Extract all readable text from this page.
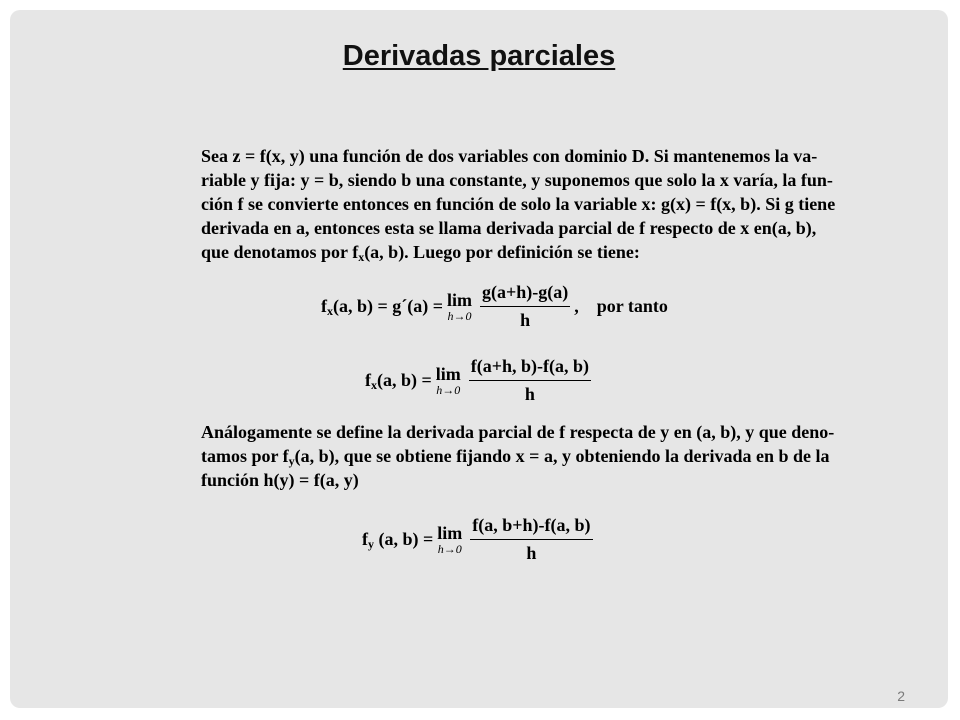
Derivadas parciales
Sea z = f(x, y) una función de dos variables con dominio D. Si mantenemos la va-
riable y fija: y = b, siendo b una constante, y suponemos que solo la x varía, la fun-
ción f se convierte entonces en función de solo la variable x: g(x) = f(x, b). Si g tiene
derivada en a, entonces esta se llama derivada parcial de f respecto de x en(a, b),
que denotamos por $f_x(a$, b). Luego por definición se tiene:
$f_x(a$, b) = g´(a) = lim
$h\to 0 \frac{g(a+h)-g(a)}{h}$ ,    por tanto
$f_x(a$, b) = lim
$h\to 0 \frac{f(a+h, b)-f(a, b)}{h}$
Análogamente se define la derivada parcial de f respecta de y en (a, b), y que deno-
tamos por $f_y(a$, b), que se obtiene fijando x = a, y obteniendo la derivada en b de la
función h(y) = f(a, y)
$f_y$ (a, b) = lim
$h\to 0 \frac{f(a, b+h)-f(a, b)}{h}$
2
